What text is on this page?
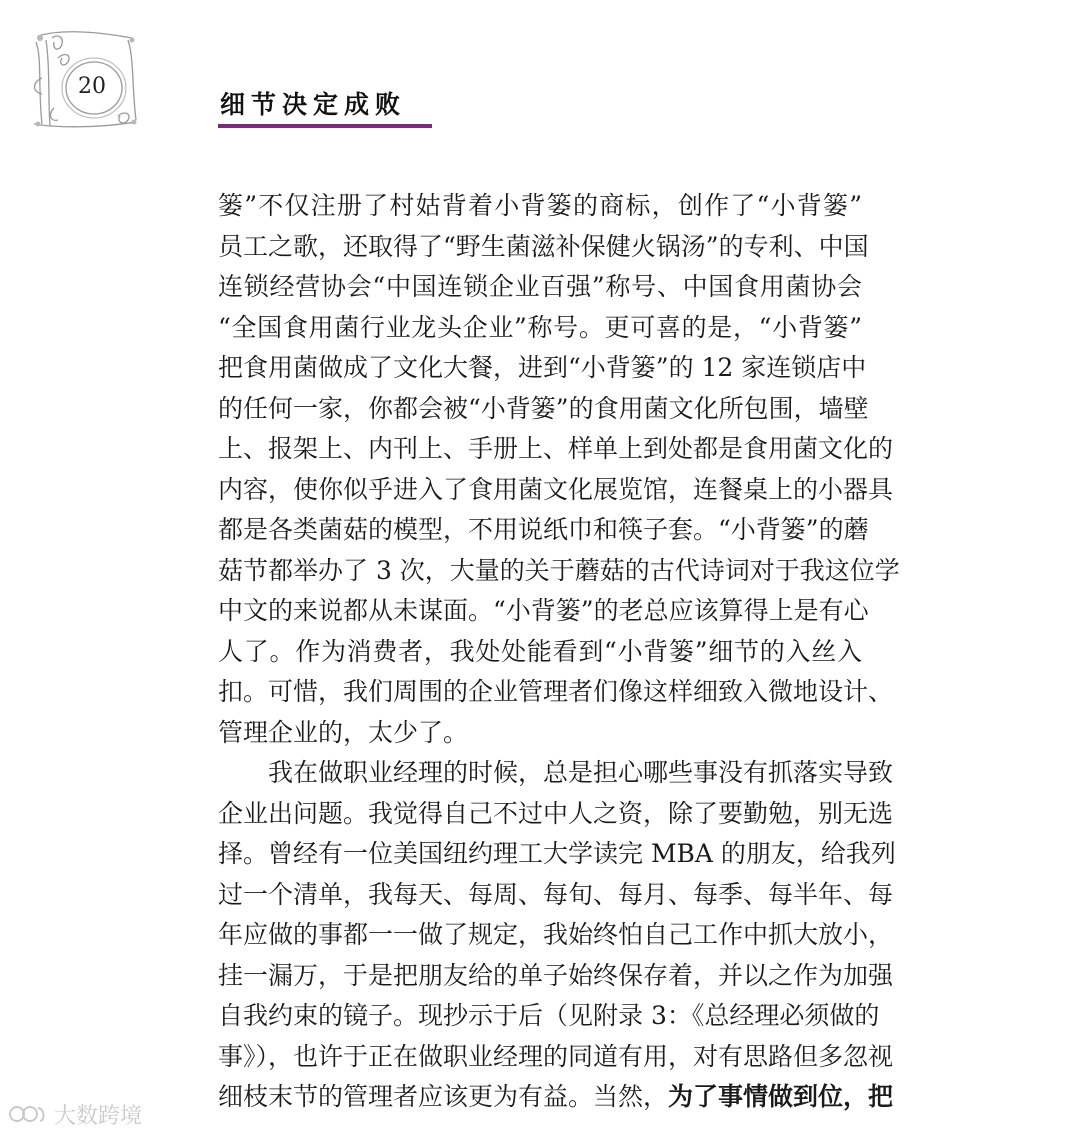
20
细节决定成败
篓”不仅注册了村姑背着小背篓的商标，创作了“小背篓”
员工之歌，还取得了“野生菌滋补保健火锅汤”的专利、中国
连锁经营协会“中国连锁企业百强”称号、中国食用菌协会
“全国食用菌行业龙头企业”称号。更可喜的是，“小背篓”
把食用菌做成了文化大餐，进到“小背篓”的 12 家连锁店中
的任何一家，你都会被“小背篓”的食用菌文化所包围，墙壁
上、报架上、内刊上、手册上、样单上到处都是食用菌文化的
内容，使你似乎进入了食用菌文化展览馆，连餐桌上的小器具
都是各类菌菇的模型，不用说纸巾和筷子套。“小背篓”的蘑
菇节都举办了 3 次，大量的关于蘑菇的古代诗词对于我这位学
中文的来说都从未谋面。“小背篓”的老总应该算得上是有心
人了。作为消费者，我处处能看到“小背篓”细节的入丝入
扣。可惜，我们周围的企业管理者们像这样细致入微地设计、
管理企业的，太少了。
我在做职业经理的时候，总是担心哪些事没有抓落实导致
企业出问题。我觉得自己不过中人之资，除了要勤勉，别无选
择。曾经有一位美国纽约理工大学读完 MBA 的朋友，给我列
过一个清单，我每天、每周、每旬、每月、每季、每半年、每
年应做的事都一一做了规定，我始终怕自己工作中抓大放小，
挂一漏万，于是把朋友给的单子始终保存着，并以之作为加强
自我约束的镜子。现抄示于后（见附录 3：《总经理必须做的
事》），也许于正在做职业经理的同道有用，对有思路但多忽视
细枝末节的管理者应该更为有益。当然，为了事情做到位，把
大数跨境
